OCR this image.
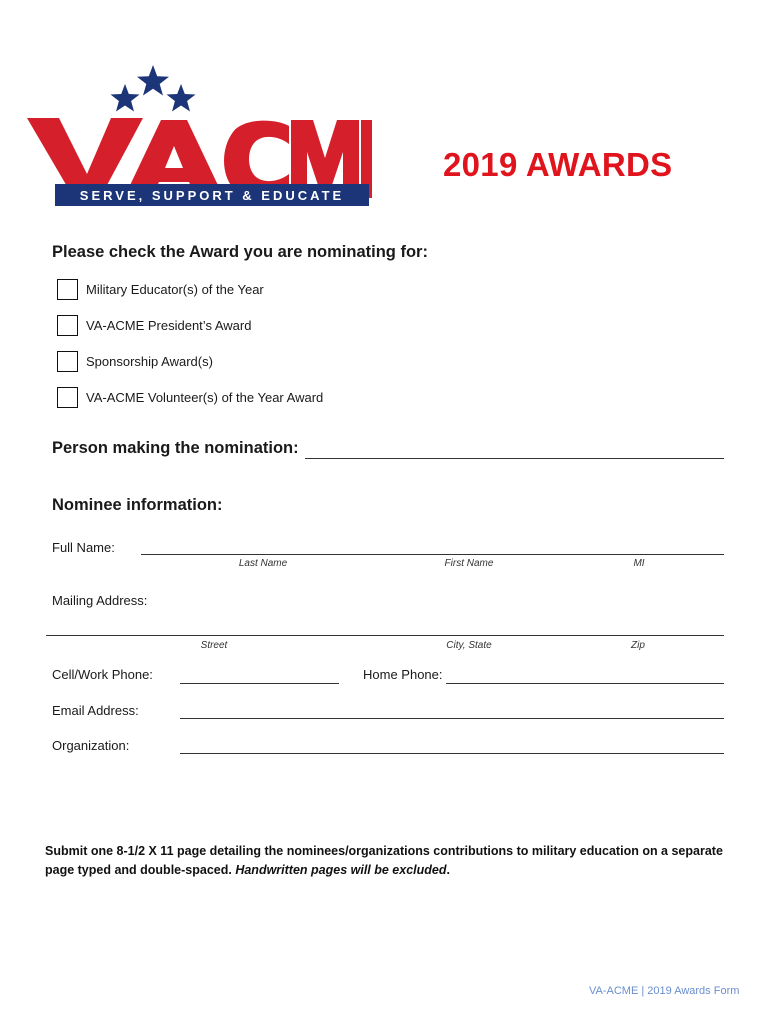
SERVE, SUPPORT & EDUCATE
2019 AWARDS
Please check the Award you are nominating for:
Military Educator(s) of the Year
VA-ACME President’s Award
Sponsorship Award(s)
VA-ACME Volunteer(s) of the Year Award
Person making the nomination:
Nominee information:
Full Name:
Last Name	First Name	MI
Mailing Address:
Street	City, State	Zip
Cell/Work Phone:	Home Phone:
Email Address:
Organization:
Submit one 8-1/2 X 11 page detailing the nominees/organizations contributions to military education on a separate page typed and double-spaced. Handwritten pages will be excluded.
VA-ACME | 2019 Awards Form
